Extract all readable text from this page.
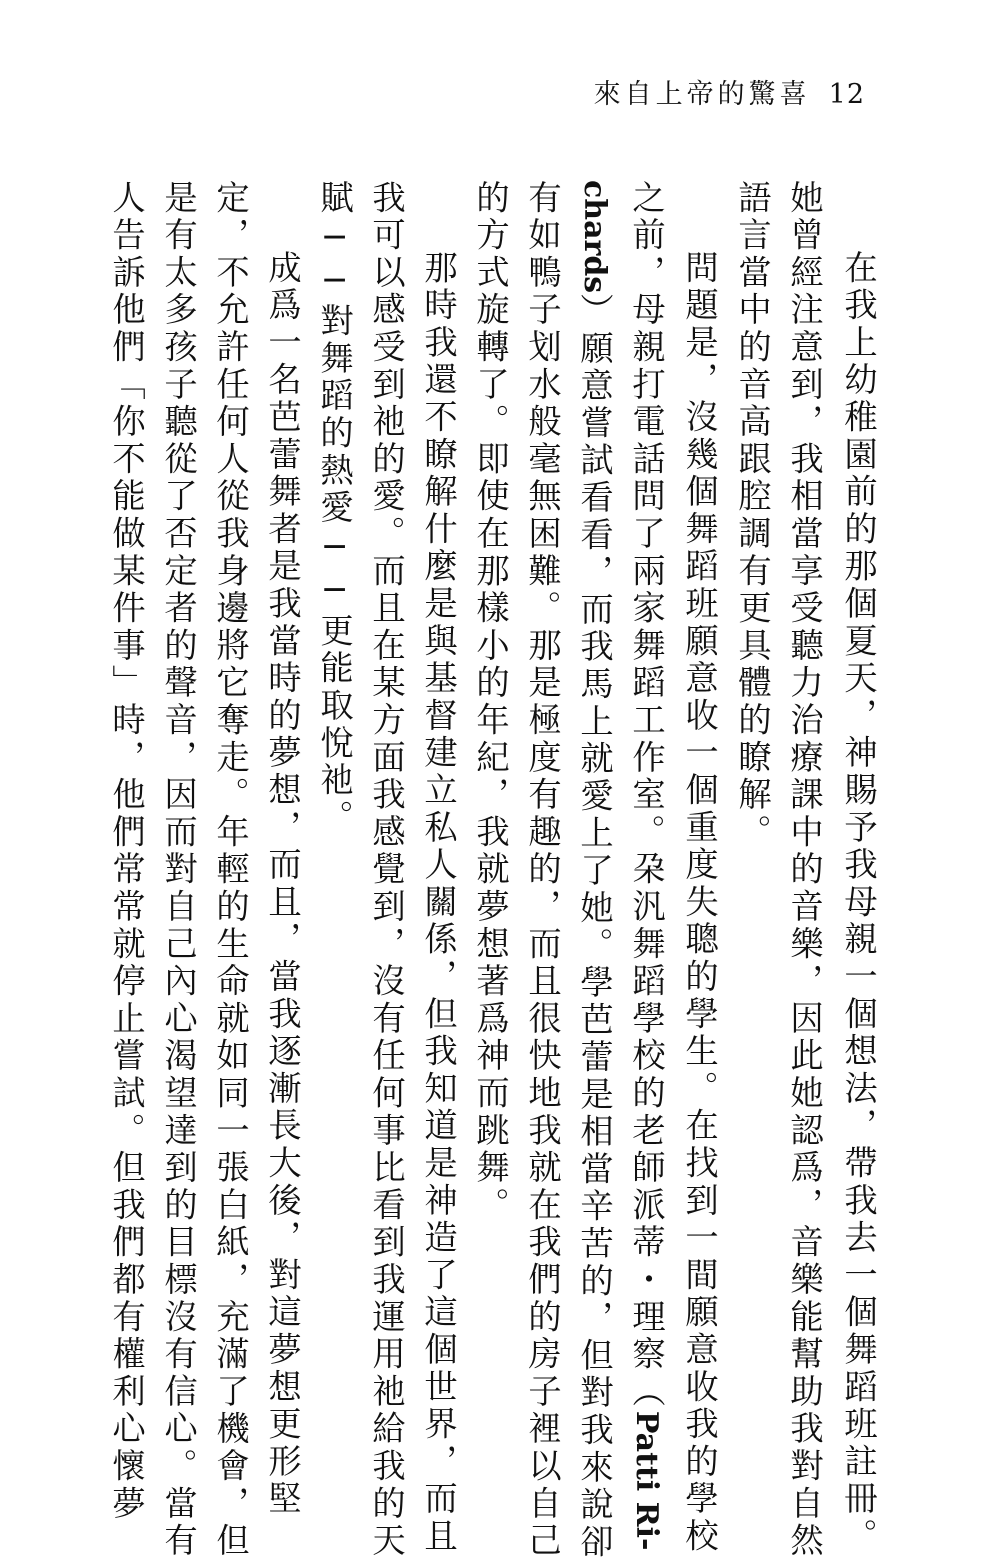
來自上帝的驚喜 12
在我上幼稚園前的那個夏天，神賜予我母親一個想法，帶我去一個舞蹈班註冊。
她曾經注意到，我相當享受聽力治療課中的音樂，因此她認爲，音樂能幫助我對自然
語言當中的音高跟腔調有更具體的瞭解。
問題是，沒幾個舞蹈班願意收一個重度失聰的學生。在找到一間願意收我的學校
之前，母親打電話問了兩家舞蹈工作室。朶汎舞蹈學校的老師派蒂・理察（Patti Ri-
chards）願意嘗試看看，而我馬上就愛上了她。學芭蕾是相當辛苦的，但對我來說卻
有如鴨子划水般毫無困難。那是極度有趣的，而且很快地我就在我們的房子裡以自己
的方式旋轉了。即使在那樣小的年紀，我就夢想著爲神而跳舞。
那時我還不瞭解什麼是與基督建立私人關係，但我知道是神造了這個世界，而且
我可以感受到祂的愛。而且在某方面我感覺到，沒有任何事比看到我運用祂給我的天
賦──對舞蹈的熱愛──更能取悅祂。
成爲一名芭蕾舞者是我當時的夢想，而且，當我逐漸長大後，對這夢想更形堅
定，不允許任何人從我身邊將它奪走。年輕的生命就如同一張白紙，充滿了機會，但
是有太多孩子聽從了否定者的聲音，因而對自己內心渴望達到的目標沒有信心。當有
人告訴他們「你不能做某件事」時，他們常常就停止嘗試。但我們都有權利心懷夢
